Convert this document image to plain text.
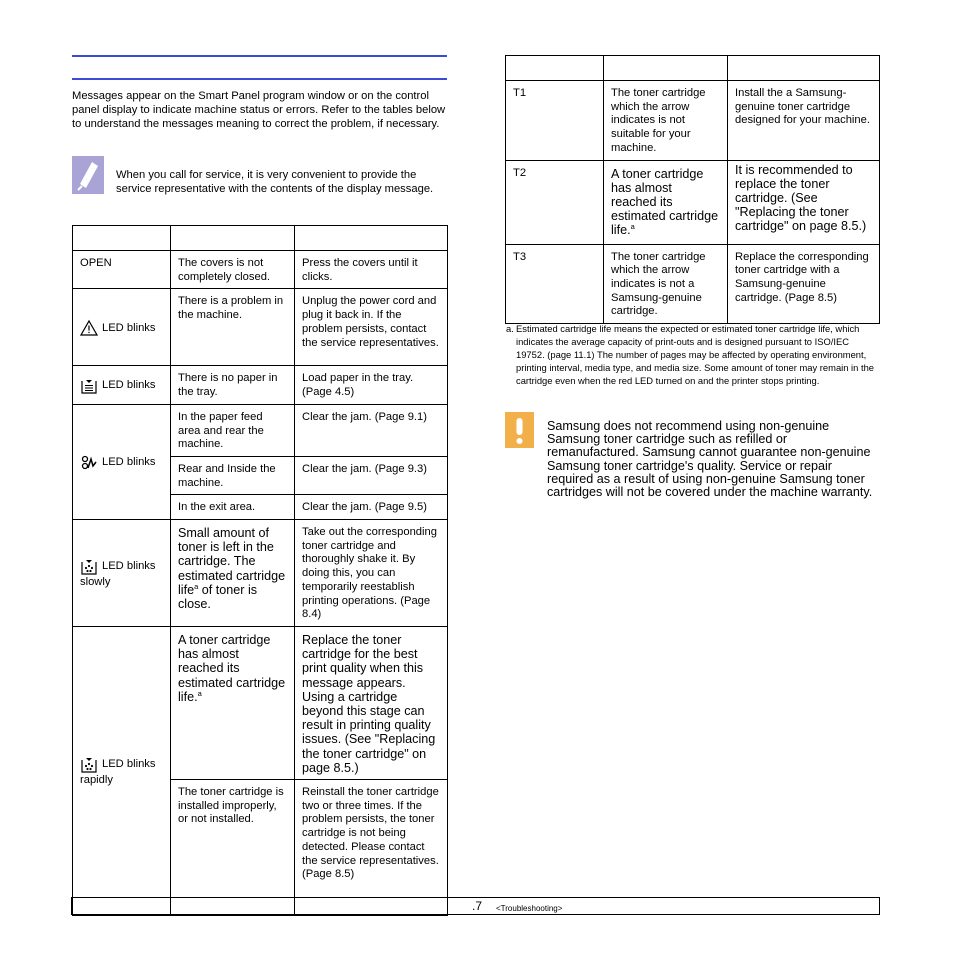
Messages appear on the Smart Panel program window or on the control panel display to indicate machine status or errors. Refer to the tables below to understand the messages meaning to correct the problem, if necessary.
When you call for service, it is very convenient to provide the service representative with the contents of the display message.

OPEN	The covers is not completely closed.	Press the covers until it clicks.

LED blinks	There is a problem in the machine.	Unplug the power cord and plug it back in. If the problem persists, contact the service representatives.

LED blinks	There is no paper in the tray.	Load paper in the tray. (Page 4.5)

LED blinks	In the paper feed area and rear the machine.	Clear the jam. (Page 9.1)
	Rear and Inside the machine.	Clear the jam. (Page 9.3)
	In the exit area.	Clear the jam. (Page 9.5)

LED blinks
slowly	Small amount of toner is left in the cartridge. The estimated cartridge life$^a$ of toner is close.	Take out the corresponding toner cartridge and thoroughly shake it. By doing this, you can temporarily reestablish printing operations. (Page 8.4)

LED blinks
rapidly	A toner cartridge has almost reached its estimated cartridge life.$^a$	Replace the toner cartridge for the best print quality when this message appears. Using a cartridge beyond this stage can result in printing quality issues. (See "Replacing the toner cartridge" on page 8.5.)
	The toner cartridge is installed improperly, or not installed.	Reinstall the toner cartridge two or three times. If the problem persists, the toner cartridge is not being detected. Please contact the service representatives. (Page 8.5)

T1	The toner cartridge which the arrow indicates is not suitable for your machine.	Install the a Samsung-genuine toner cartridge designed for your machine.
T2	A toner cartridge has almost reached its estimated cartridge life.$^a$	It is recommended to replace the toner cartridge. (See "Replacing the toner cartridge" on page 8.5.)
T3	The toner cartridge which the arrow indicates is not a Samsung-genuine cartridge.	Replace the corresponding toner cartridge with a Samsung-genuine cartridge. (Page 8.5)
a. Estimated cartridge life means the expected or estimated toner cartridge life, which indicates the average capacity of print-outs and is designed pursuant to ISO/IEC 19752. (page 11.1) The number of pages may be affected by operating environment, printing interval, media type, and media size. Some amount of toner may remain in the cartridge even when the red LED turned on and the printer stops printing.
Samsung does not recommend using non-genuine Samsung toner cartridge such as refilled or remanufactured. Samsung cannot guarantee non-genuine Samsung toner cartridge's quality. Service or repair required as a result of using non-genuine Samsung toner cartridges will not be covered under the machine warranty.
.7 <Troubleshooting>
